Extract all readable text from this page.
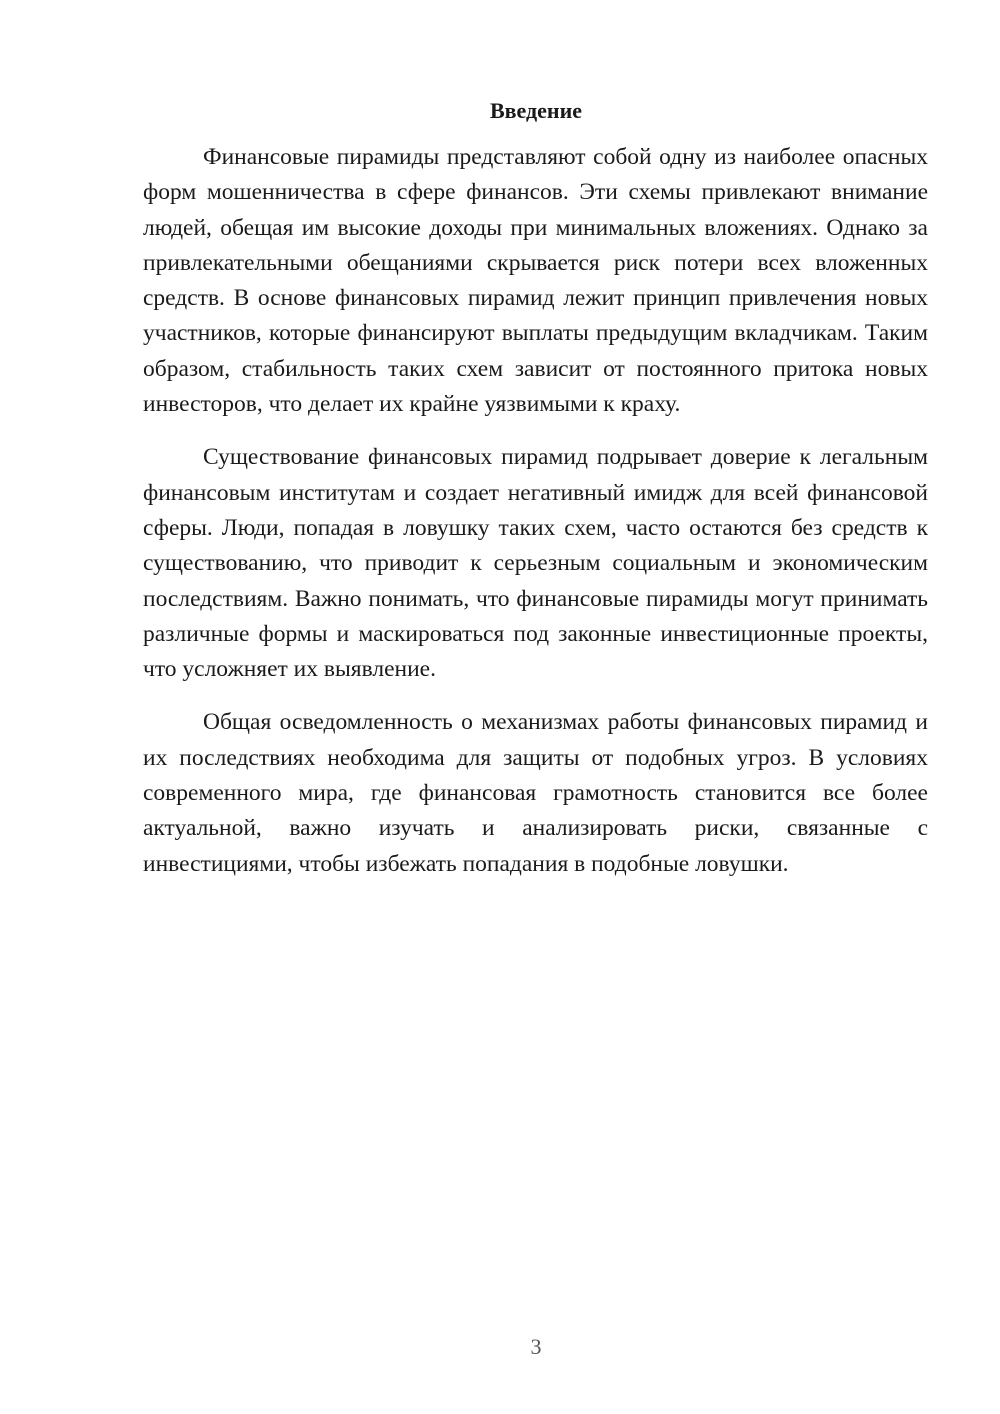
Введение

Финансовые пирамиды представляют собой одну из наиболее опасных форм мошенничества в сфере финансов. Эти схемы привлекают внимание людей, обещая им высокие доходы при минимальных вложениях. Однако за привлекательными обещаниями скрывается риск потери всех вложенных средств. В основе финансовых пирамид лежит принцип привлечения новых участников, которые финансируют выплаты предыдущим вкладчикам. Таким образом, стабильность таких схем зависит от постоянного притока новых инвесторов, что делает их крайне уязвимыми к краху.

Существование финансовых пирамид подрывает доверие к легальным финансовым институтам и создает негативный имидж для всей финансовой сферы. Люди, попадая в ловушку таких схем, часто остаются без средств к существованию, что приводит к серьезным социальным и экономическим последствиям. Важно понимать, что финансовые пирамиды могут принимать различные формы и маскироваться под законные инвестиционные проекты, что усложняет их выявление.

Общая осведомленность о механизмах работы финансовых пирамид и их последствиях необходима для защиты от подобных угроз. В условиях современного мира, где финансовая грамотность становится все более актуальной, важно изучать и анализировать риски, связанные с инвестициями, чтобы избежать попадания в подобные ловушки.

3
